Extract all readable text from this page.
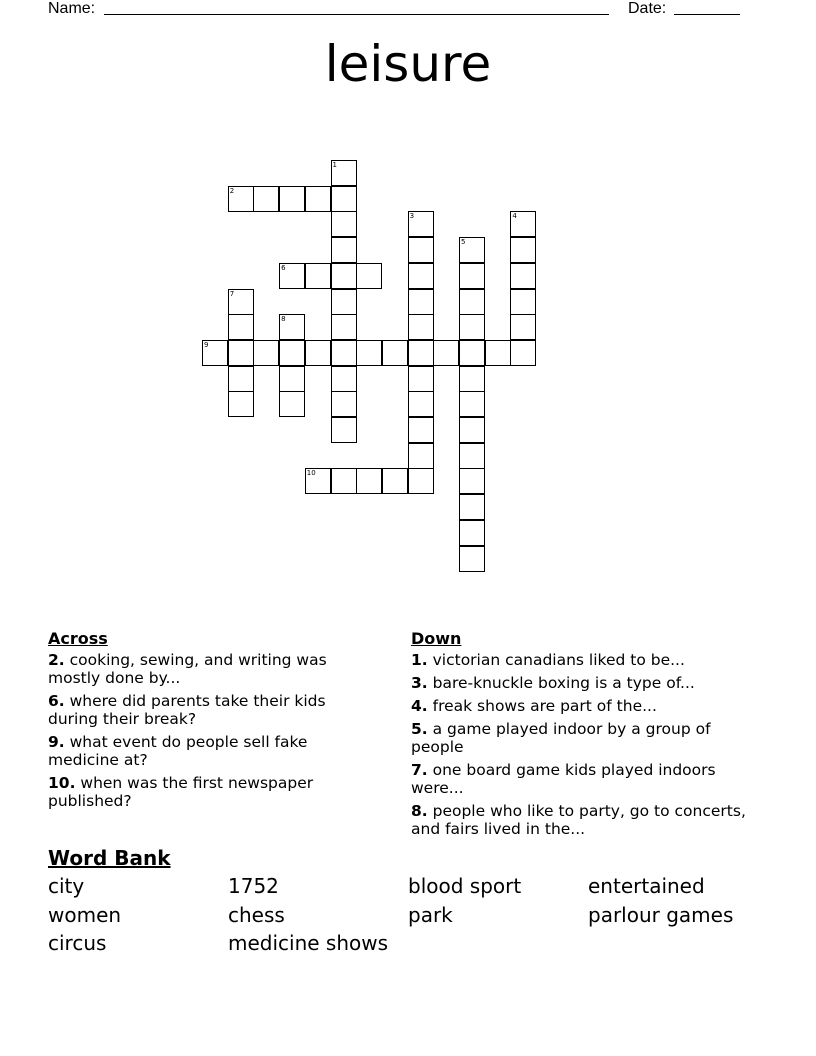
Name:	Date:
leisure
1
2
3	4
5
6
7
8
9
10
Across
2. cooking, sewing, and writing was mostly done by...
6. where did parents take their kids during their break?
9. what event do people sell fake medicine at?
10. when was the first newspaper published?
Down
1. victorian canadians liked to be...
3. bare-knuckle boxing is a type of...
4. freak shows are part of the...
5. a game played indoor by a group of people
7. one board game kids played indoors were...
8. people who like to party, go to concerts, and fairs lived in the...
Word Bank
city	1752	blood sport	entertained
women	chess	park	parlour games
circus	medicine shows
